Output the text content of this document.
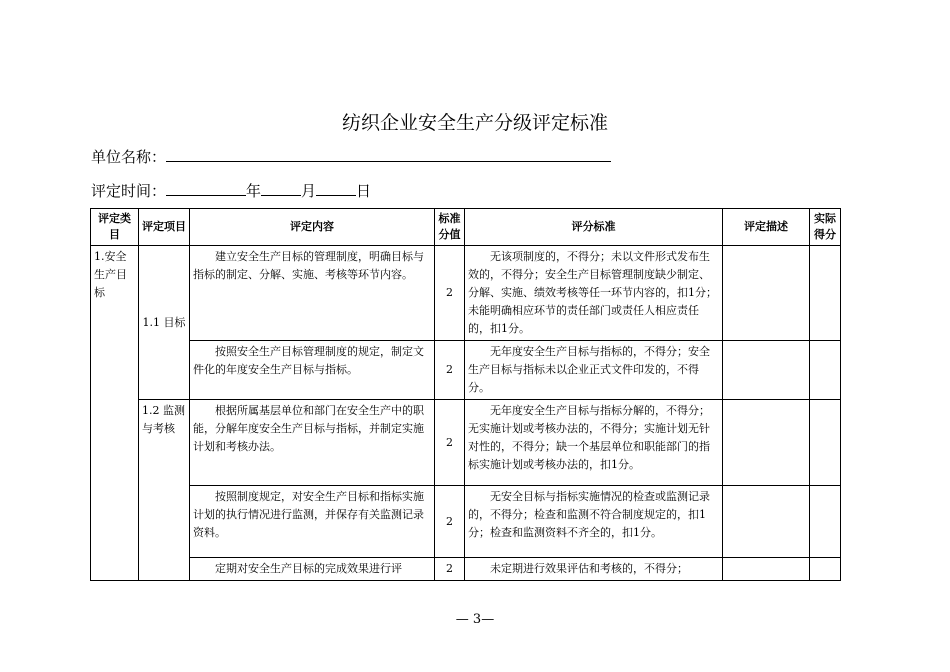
纺织企业安全生产分级评定标准
单位名称：
评定时间：	年	月	日
评定类目	评定项目	评定内容	标准分值	评分标准	评定描述	实际得分
1.安全生产目标	1.1 目标	建立安全生产目标的管理制度，明确目标与指标的制定、分解、实施、考核等环节内容。	2	无该项制度的，不得分；未以文件形式发布生效的，不得分；安全生产目标管理制度缺少制定、分解、实施、绩效考核等任一环节内容的，扣1分；未能明确相应环节的责任部门或责任人相应责任的，扣1分。		
		按照安全生产目标管理制度的规定，制定文件化的年度安全生产目标与指标。	2	无年度安全生产目标与指标的，不得分；安全生产目标与指标未以企业正式文件印发的，不得分。		
	1.2 监测与考核	根据所属基层单位和部门在安全生产中的职能，分解年度安全生产目标与指标，并制定实施计划和考核办法。	2	无年度安全生产目标与指标分解的，不得分；无实施计划或考核办法的，不得分；实施计划无针对性的，不得分；缺一个基层单位和职能部门的指标实施计划或考核办法的，扣1分。		
		按照制度规定，对安全生产目标和指标实施计划的执行情况进行监测，并保存有关监测记录资料。	2	无安全目标与指标实施情况的检查或监测记录的，不得分；检查和监测不符合制度规定的，扣1分；检查和监测资料不齐全的，扣1分。		
		定期对安全生产目标的完成效果进行评	2	未定期进行效果评估和考核的，不得分；		
— 3—
